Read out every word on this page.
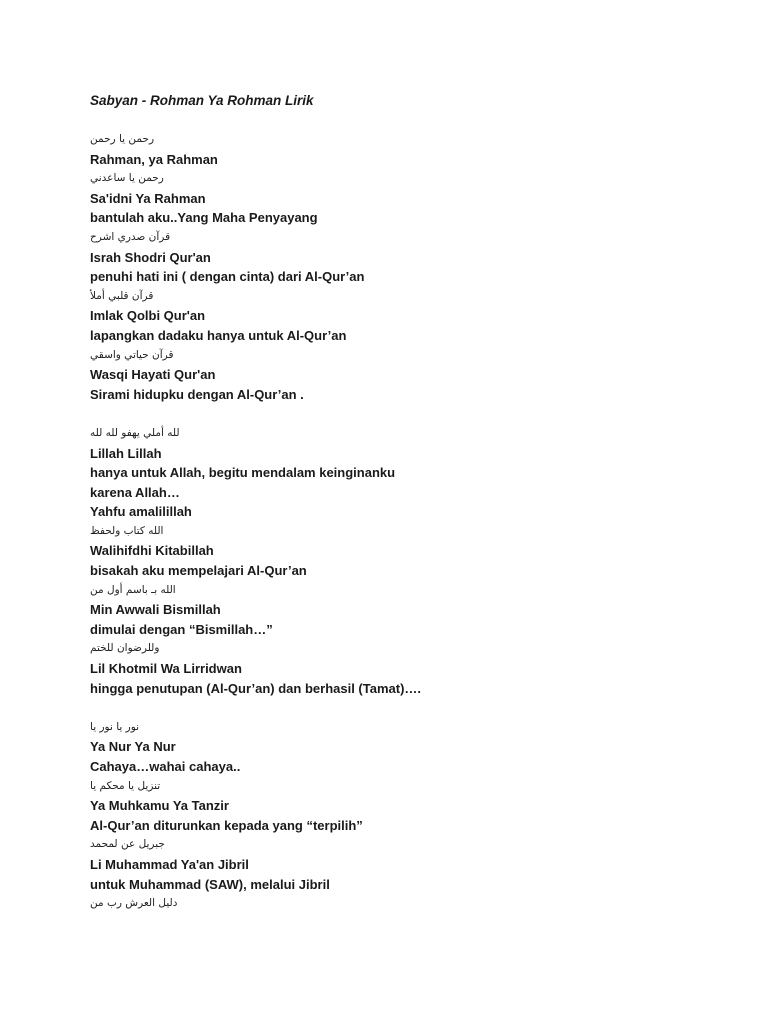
Sabyan - Rohman Ya Rohman Lirik
رحمن يا رحمن
Rahman, ya Rahman
رحمن يا ساعدني
Sa'idni Ya Rahman
bantulah aku..Yang Maha Penyayang
قرآن صدري اشرح
Israh Shodri Qur'an
penuhi hati ini ( dengan cinta) dari Al-Qur’an
قرآن قلبي أملأ
Imlak Qolbi Qur'an
lapangkan dadaku hanya untuk Al-Qur’an
قرآن حياتي واسقي
Wasqi Hayati Qur'an
Sirami hidupku dengan Al-Qur’an .
لله أملي يهفو لله لله
Lillah Lillah
hanya untuk Allah, begitu mendalam keinginanku
karena Allah…
Yahfu amalilillah
الله كتاب ولحفظ
Walihifdhi Kitabillah
bisakah aku mempelajari Al-Qur’an
الله بـ باسم أول من
Min Awwali Bismillah
dimulai dengan “Bismillah…”
وللرضوان للختم
Lil Khotmil Wa Lirridwan
hingga penutupan (Al-Qur’an) dan berhasil (Tamat)….
نور يا نور يا
Ya Nur Ya Nur
Cahaya…wahai cahaya..
تنزيل يا محكم يا
Ya Muhkamu Ya Tanzir
Al-Qur’an diturunkan kepada yang “terpilih”
جبريل عن لمحمد
Li Muhammad Ya'an Jibril
untuk Muhammad (SAW), melalui Jibril
دليل العرش رب من
